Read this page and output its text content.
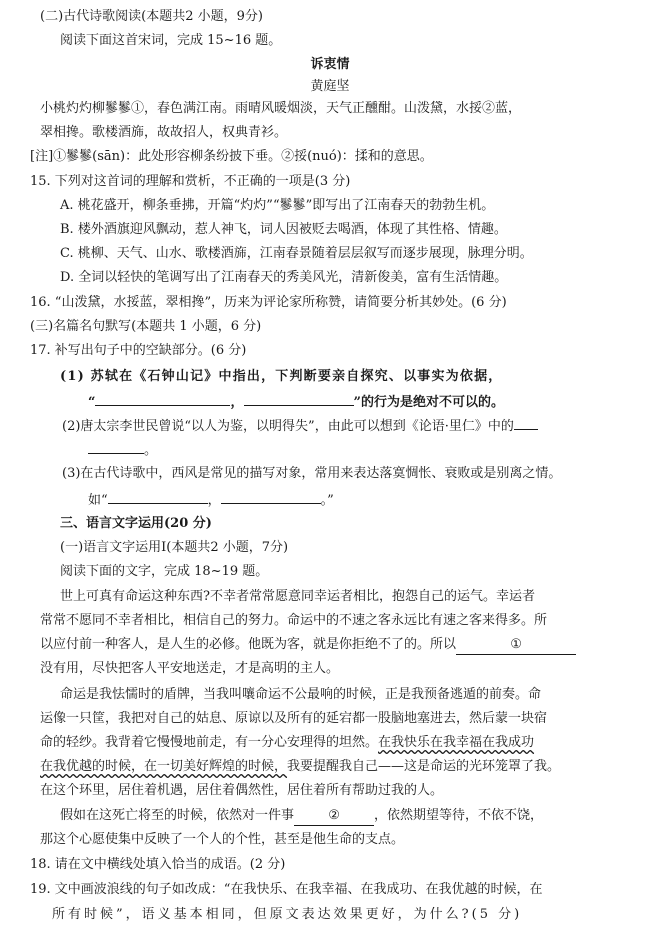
(二)古代诗歌阅读(本题共2 小题，9分)
阅读下面这首宋词，完成 15~16 题。
诉衷情
黄庭坚
小桃灼灼柳鬖鬖①，春色满江南。雨晴风暖烟淡，天气正醺酣。山泼黛，水挼②蓝，
翠相搀。歌楼酒旆，故故招人，权典青衫。
[注]①鬖鬖(sān)：此处形容柳条纷披下垂。②挼(nuó)：揉和的意思。
15. 下列对这首词的理解和赏析，不正确的一项是(3 分)
A. 桃花盛开，柳条垂拂，开篇“灼灼”“鬖鬖”即写出了江南春天的勃勃生机。
B. 楼外酒旗迎风飘动，惹人神飞，词人因被贬去喝酒，体现了其性格、情趣。
C. 桃柳、天气、山水、歌楼酒旆，江南春景随着层层叙写而逐步展现，脉理分明。
D. 全词以轻快的笔调写出了江南春天的秀美风光，清新俊美，富有生活情趣。
16. “山泼黛，水挼蓝，翠相搀”，历来为评论家所称赞，请简要分析其妙处。(6 分)
(三)名篇名句默写(本题共 1 小题，6 分)
17. 补写出句子中的空缺部分。(6 分)
(1) 苏轼在《石钟山记》中指出，下判断要亲自探究、以事实为依据，
“	，	”的行为是绝对不可以的。
(2)唐太宗李世民曾说“以人为鉴，以明得失”，由此可以想到《论语·里仁》中的
。
(3)在古代诗歌中，西风是常见的描写对象，常用来表达落寞惆怅、衰败或是别离之情。
如“	，	。”
三、语言文字运用(20 分)
(一)语言文字运用Ⅰ(本题共2 小题，7分)
阅读下面的文字，完成 18~19 题。
世上可真有命运这种东西?不幸者常常愿意同幸运者相比，抱怨自己的运气。幸运者
常常不愿同不幸者相比，相信自己的努力。命运中的不速之客永远比有速之客来得多。所
以应付前一种客人，是人生的必修。他既为客，就是你拒绝不了的。所以	①
没有用，尽快把客人平安地送走，才是高明的主人。
命运是我怯懦时的盾牌，当我叫嚷命运不公最响的时候，正是我预备逃遁的前奏。命
运像一只筐，我把对自己的姑息、原谅以及所有的延宕都一股脑地塞进去，然后蒙一块宿
命的轻纱。我背着它慢慢地前走，有一分心安理得的坦然。在我快乐在我幸福在我成功
在我优越的时候，在一切美好辉煌的时候，我要提醒我自己——这是命运的光环笼罩了我。
在这个环里，居住着机遇，居住着偶然性，居住着所有帮助过我的人。
假如在这死亡将至的时候，依然对一件事	②	，依然期望等待，不依不饶，
那这个心愿使集中反映了一个人的个性，甚至是他生命的支点。
18. 请在文中横线处填入恰当的成语。(2 分)
19. 文中画波浪线的句子如改成：“在我快乐、在我幸福、在我成功、在我优越的时候，在
所有时候”，语义基本相同，但原文表达效果更好，为什么?(5 分)
